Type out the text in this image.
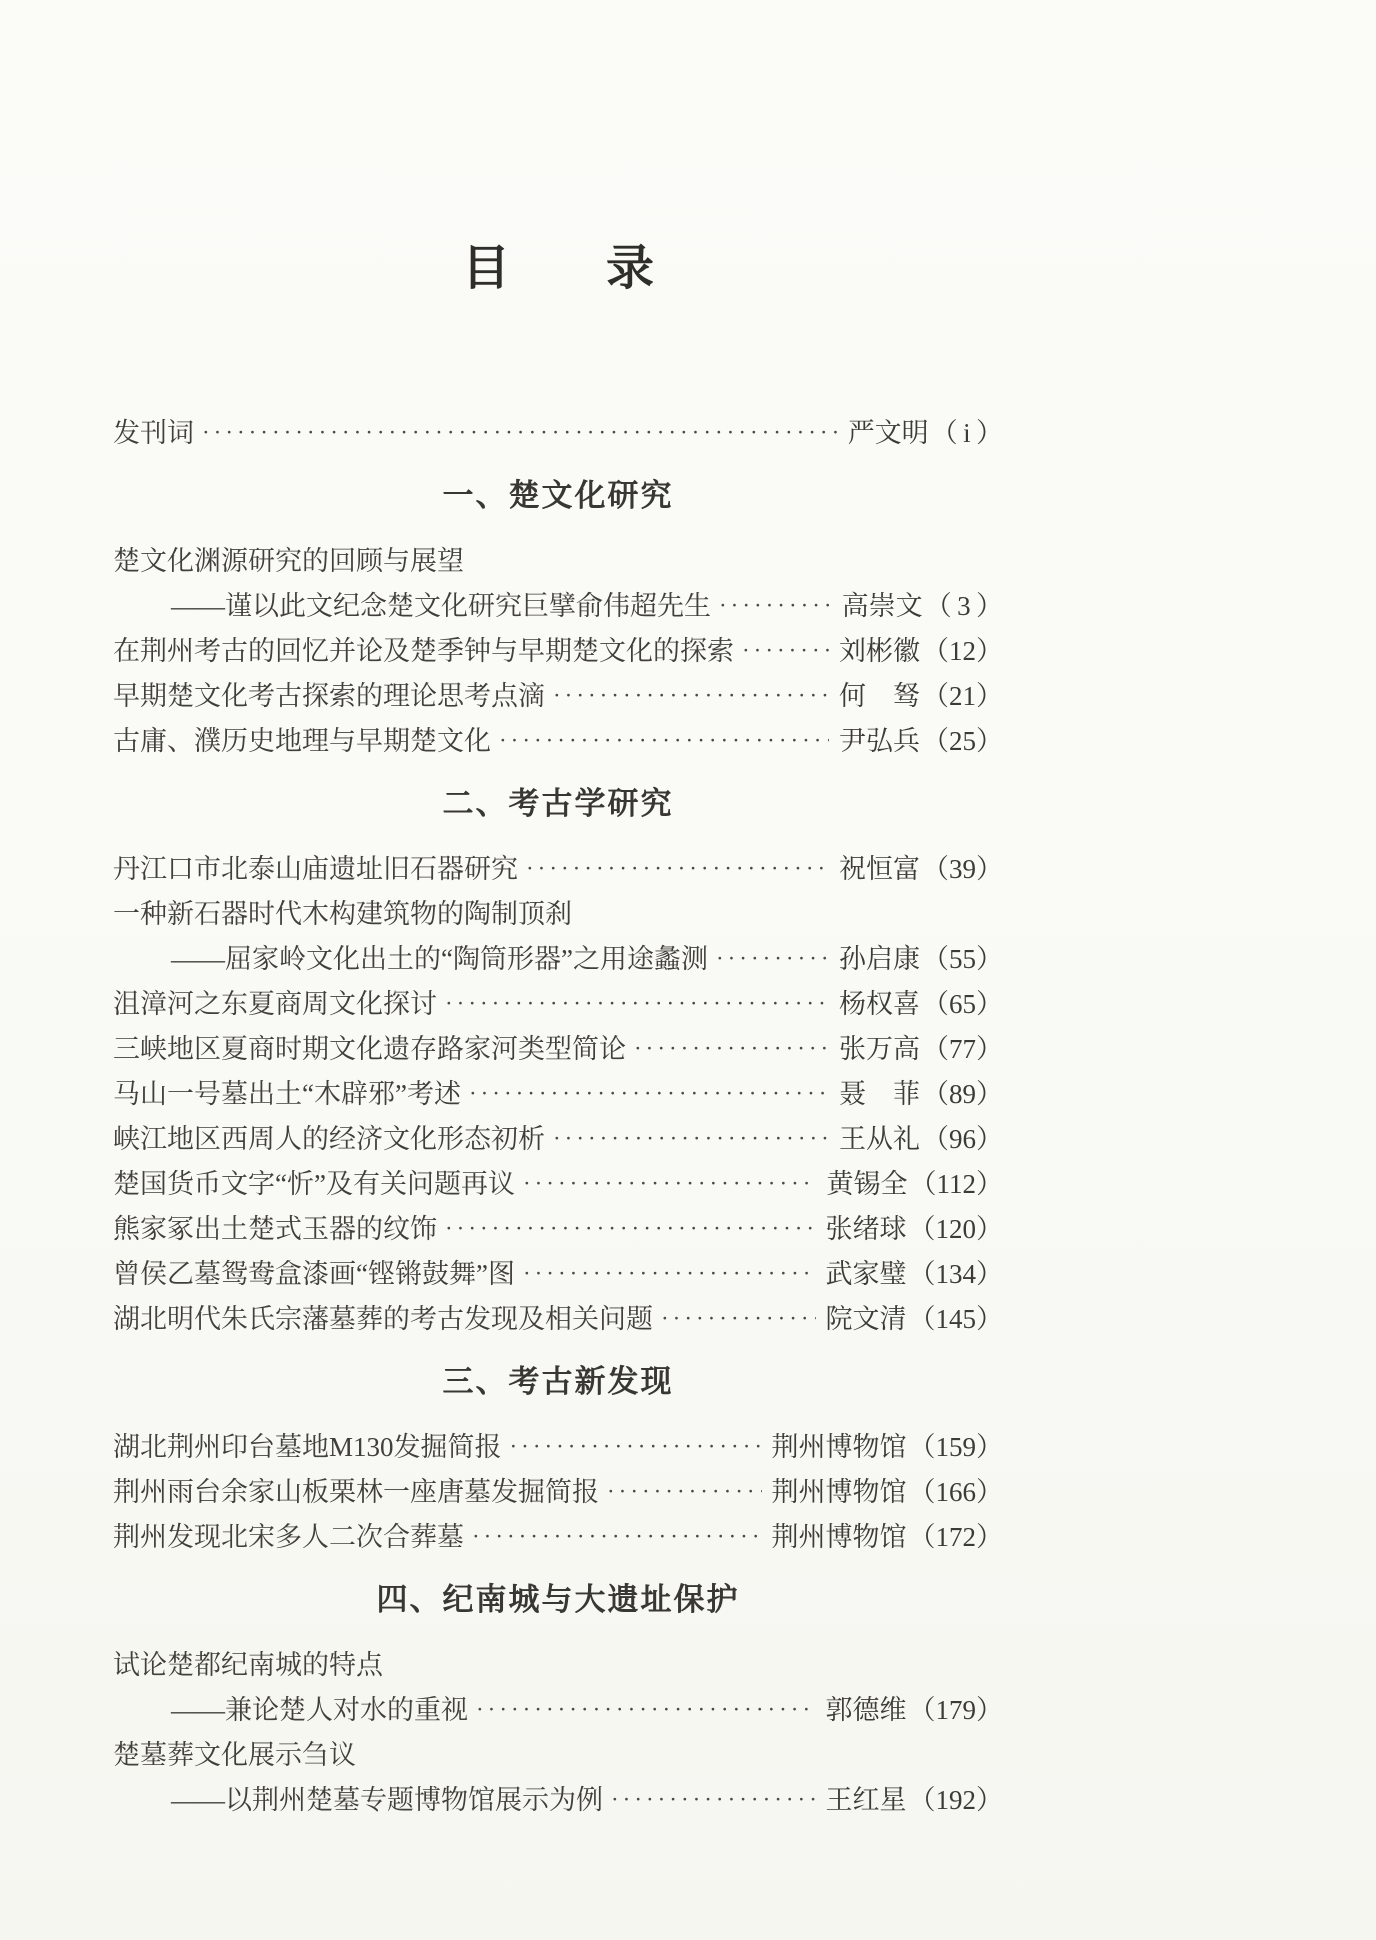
目　　录
发刊词 ·····	严文明（ i ）
一、楚文化研究
楚文化渊源研究的回顾与展望
——谨以此文纪念楚文化研究巨擘俞伟超先生 ·····	高崇文（ 3 ）
在荆州考古的回忆并论及楚季钟与早期楚文化的探索 ·····	刘彬徽（12）
早期楚文化考古探索的理论思考点滴 ·····	何　驽（21）
古庸、濮历史地理与早期楚文化 ·····	尹弘兵（25）
二、考古学研究
丹江口市北泰山庙遗址旧石器研究 ·····	祝恒富（39）
一种新石器时代木构建筑物的陶制顶刹
——屈家岭文化出土的“陶筒形器”之用途蠡测 ·····	孙启康（55）
沮漳河之东夏商周文化探讨 ·····	杨权喜（65）
三峡地区夏商时期文化遗存路家河类型简论 ·····	张万高（77）
马山一号墓出土“木辟邪”考述 ·····	聂　菲（89）
峡江地区西周人的经济文化形态初析 ·····	王从礼（96）
楚国货币文字“忻”及有关问题再议 ·····	黄锡全（112）
熊家冢出土楚式玉器的纹饰 ·····	张绪球（120）
曾侯乙墓鸳鸯盒漆画“铿锵鼓舞”图 ·····	武家璧（134）
湖北明代朱氏宗藩墓葬的考古发现及相关问题 ·····	院文清（145）
三、考古新发现
湖北荆州印台墓地M130发掘简报 ·····	荆州博物馆（159）
荆州雨台余家山板栗林一座唐墓发掘简报 ·····	荆州博物馆（166）
荆州发现北宋多人二次合葬墓 ·····	荆州博物馆（172）
四、纪南城与大遗址保护
试论楚都纪南城的特点
——兼论楚人对水的重视 ·····	郭德维（179）
楚墓葬文化展示刍议
——以荆州楚墓专题博物馆展示为例 ·····	王红星（192）
